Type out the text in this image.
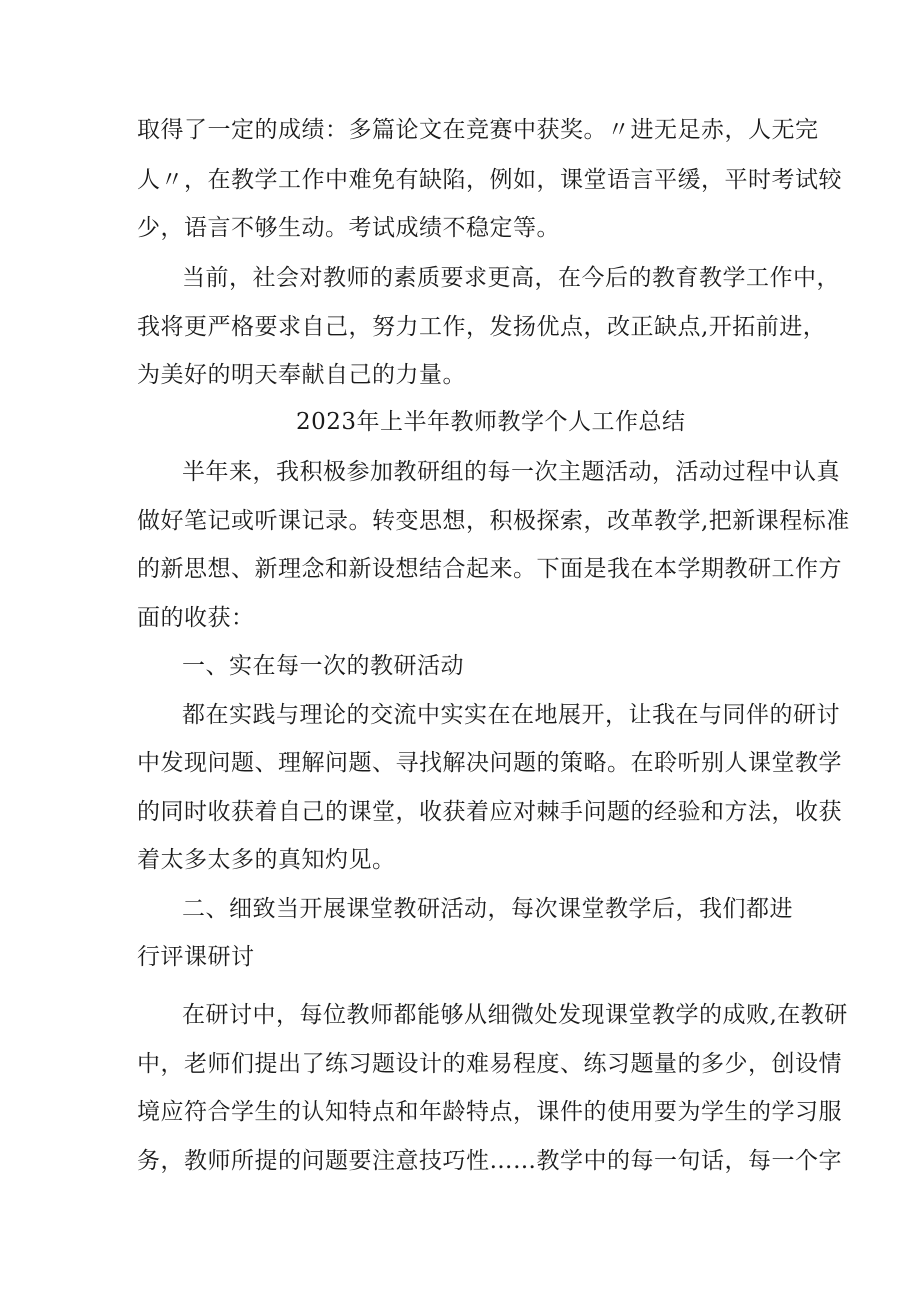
取得了一定的成绩：多篇论文在竞赛中获奖。〃进无足赤，人无完
人〃，在教学工作中难免有缺陷，例如，课堂语言平缓，平时考试较
少，语言不够生动。考试成绩不稳定等。
当前，社会对教师的素质要求更高，在今后的教育教学工作中，
我将更严格要求自己，努力工作，发扬优点，改正缺点,开拓前进，
为美好的明天奉献自己的力量。
2023年上半年教师教学个人工作总结
半年来，我积极参加教研组的每一次主题活动，活动过程中认真
做好笔记或听课记录。转变思想，积极探索，改革教学,把新课程标准
的新思想、新理念和新设想结合起来。下面是我在本学期教研工作方
面的收获：
一、实在每一次的教研活动
都在实践与理论的交流中实实在在地展开，让我在与同伴的研讨
中发现问题、理解问题、寻找解决问题的策略。在聆听别人课堂教学
的同时收获着自己的课堂，收获着应对棘手问题的经验和方法，收获
着太多太多的真知灼见。
二、细致当开展课堂教研活动，每次课堂教学后，我们都进
行评课研讨
在研讨中，每位教师都能够从细微处发现课堂教学的成败,在教研
中，老师们提出了练习题设计的难易程度、练习题量的多少，创设情
境应符合学生的认知特点和年龄特点，课件的使用要为学生的学习服
务，教师所提的问题要注意技巧性……教学中的每一句话，每一个字
